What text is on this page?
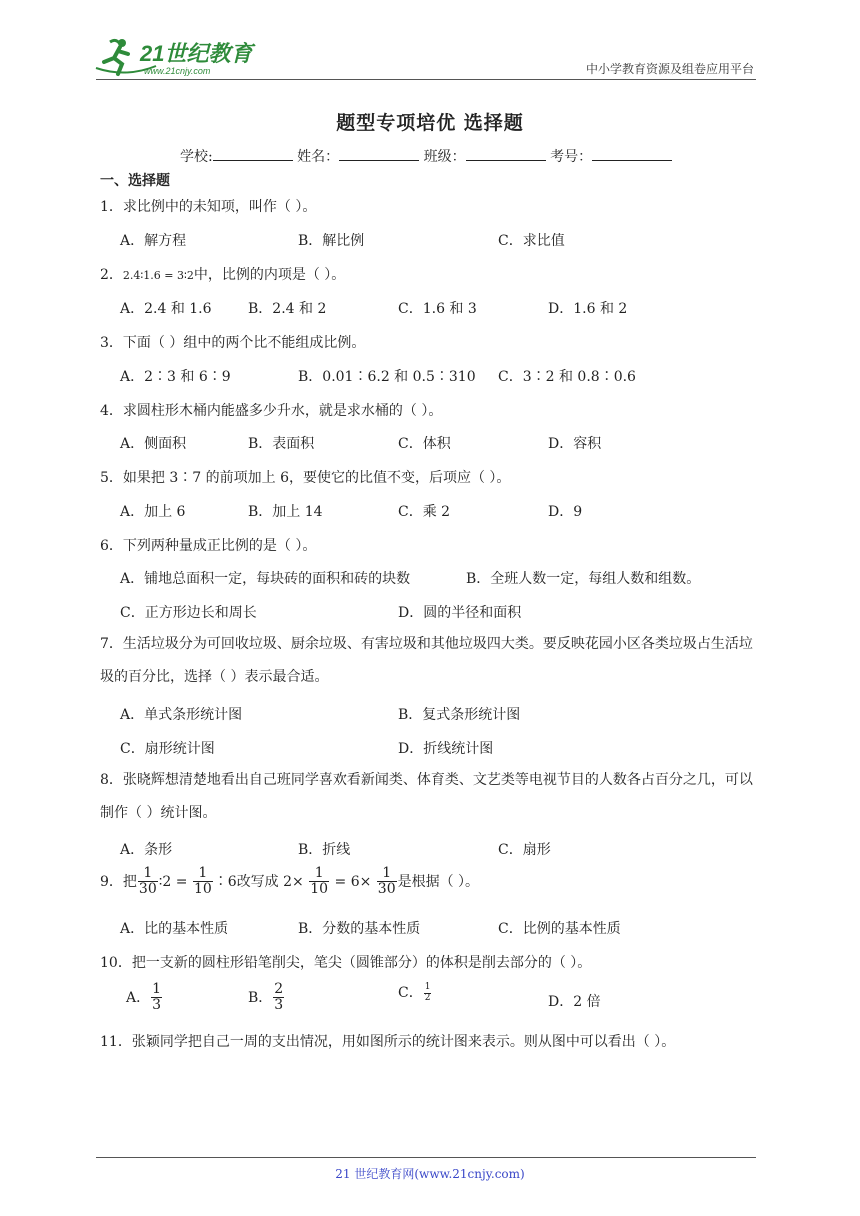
21世纪教育
www.21cnjy.com	中小学教育资源及组卷应用平台
题型专项培优 选择题
学校:	姓名：	班级：	考号：
一、选择题
1．求比例中的未知项，叫作（ ）。
A．解方程	B．解比例	C．求比值
2．2.4∶1.6 = 3∶2中，比例的内项是（ ）。
A．2.4 和 1.6	B．2.4 和 2	C．1.6 和 3	D．1.6 和 2
3．下面（ ）组中的两个比不能组成比例。
A．2∶3 和 6∶9	B．0.01∶6.2 和 0.5∶310 C．3∶2 和 0.8∶0.6
4．求圆柱形木桶内能盛多少升水，就是求水桶的（ ）。
A．侧面积	B．表面积	C．体积	D．容积
5．如果把 3∶7 的前项加上 6，要使它的比值不变，后项应（ ）。
A．加上 6	B．加上 14	C．乘 2	D．9
6．下列两种量成正比例的是（ ）。
A．铺地总面积一定，每块砖的面积和砖的块数	B．全班人数一定，每组人数和组数。
C．正方形边长和周长	D．圆的半径和面积
7．生活垃圾分为可回收垃圾、厨余垃圾、有害垃圾和其他垃圾四大类。要反映花园小区各类垃圾占生活垃圾的百分比，选择（ ）表示最合适。
A．单式条形统计图	B．复式条形统计图
C．扇形统计图	D．折线统计图
8．张晓辉想清楚地看出自己班同学喜欢看新闻类、体育类、文艺类等电视节目的人数各占百分之几，可以制作（ ）统计图。
A．条形	B．折线	C．扇形
9．把 $\frac{1}{30}$ ∶2 = $\frac{1}{10}$ ∶6改写成 $2\times \frac{1}{10} = 6\times \frac{1}{30}$ 是根据（ ）。
A．比的基本性质	B．分数的基本性质	C．比例的基本性质
10．把一支新的圆柱形铅笔削尖，笔尖（圆锥部分）的体积是削去部分的（ ）。
A． $\frac{1}{3}$	B． $\frac{2}{3}$	C． $\frac{1}{2}$	D．2 倍
11．张颖同学把自己一周的支出情况，用如图所示的统计图来表示。则从图中可以看出（ ）。
21 世纪教育网(www.21cnjy.com)
